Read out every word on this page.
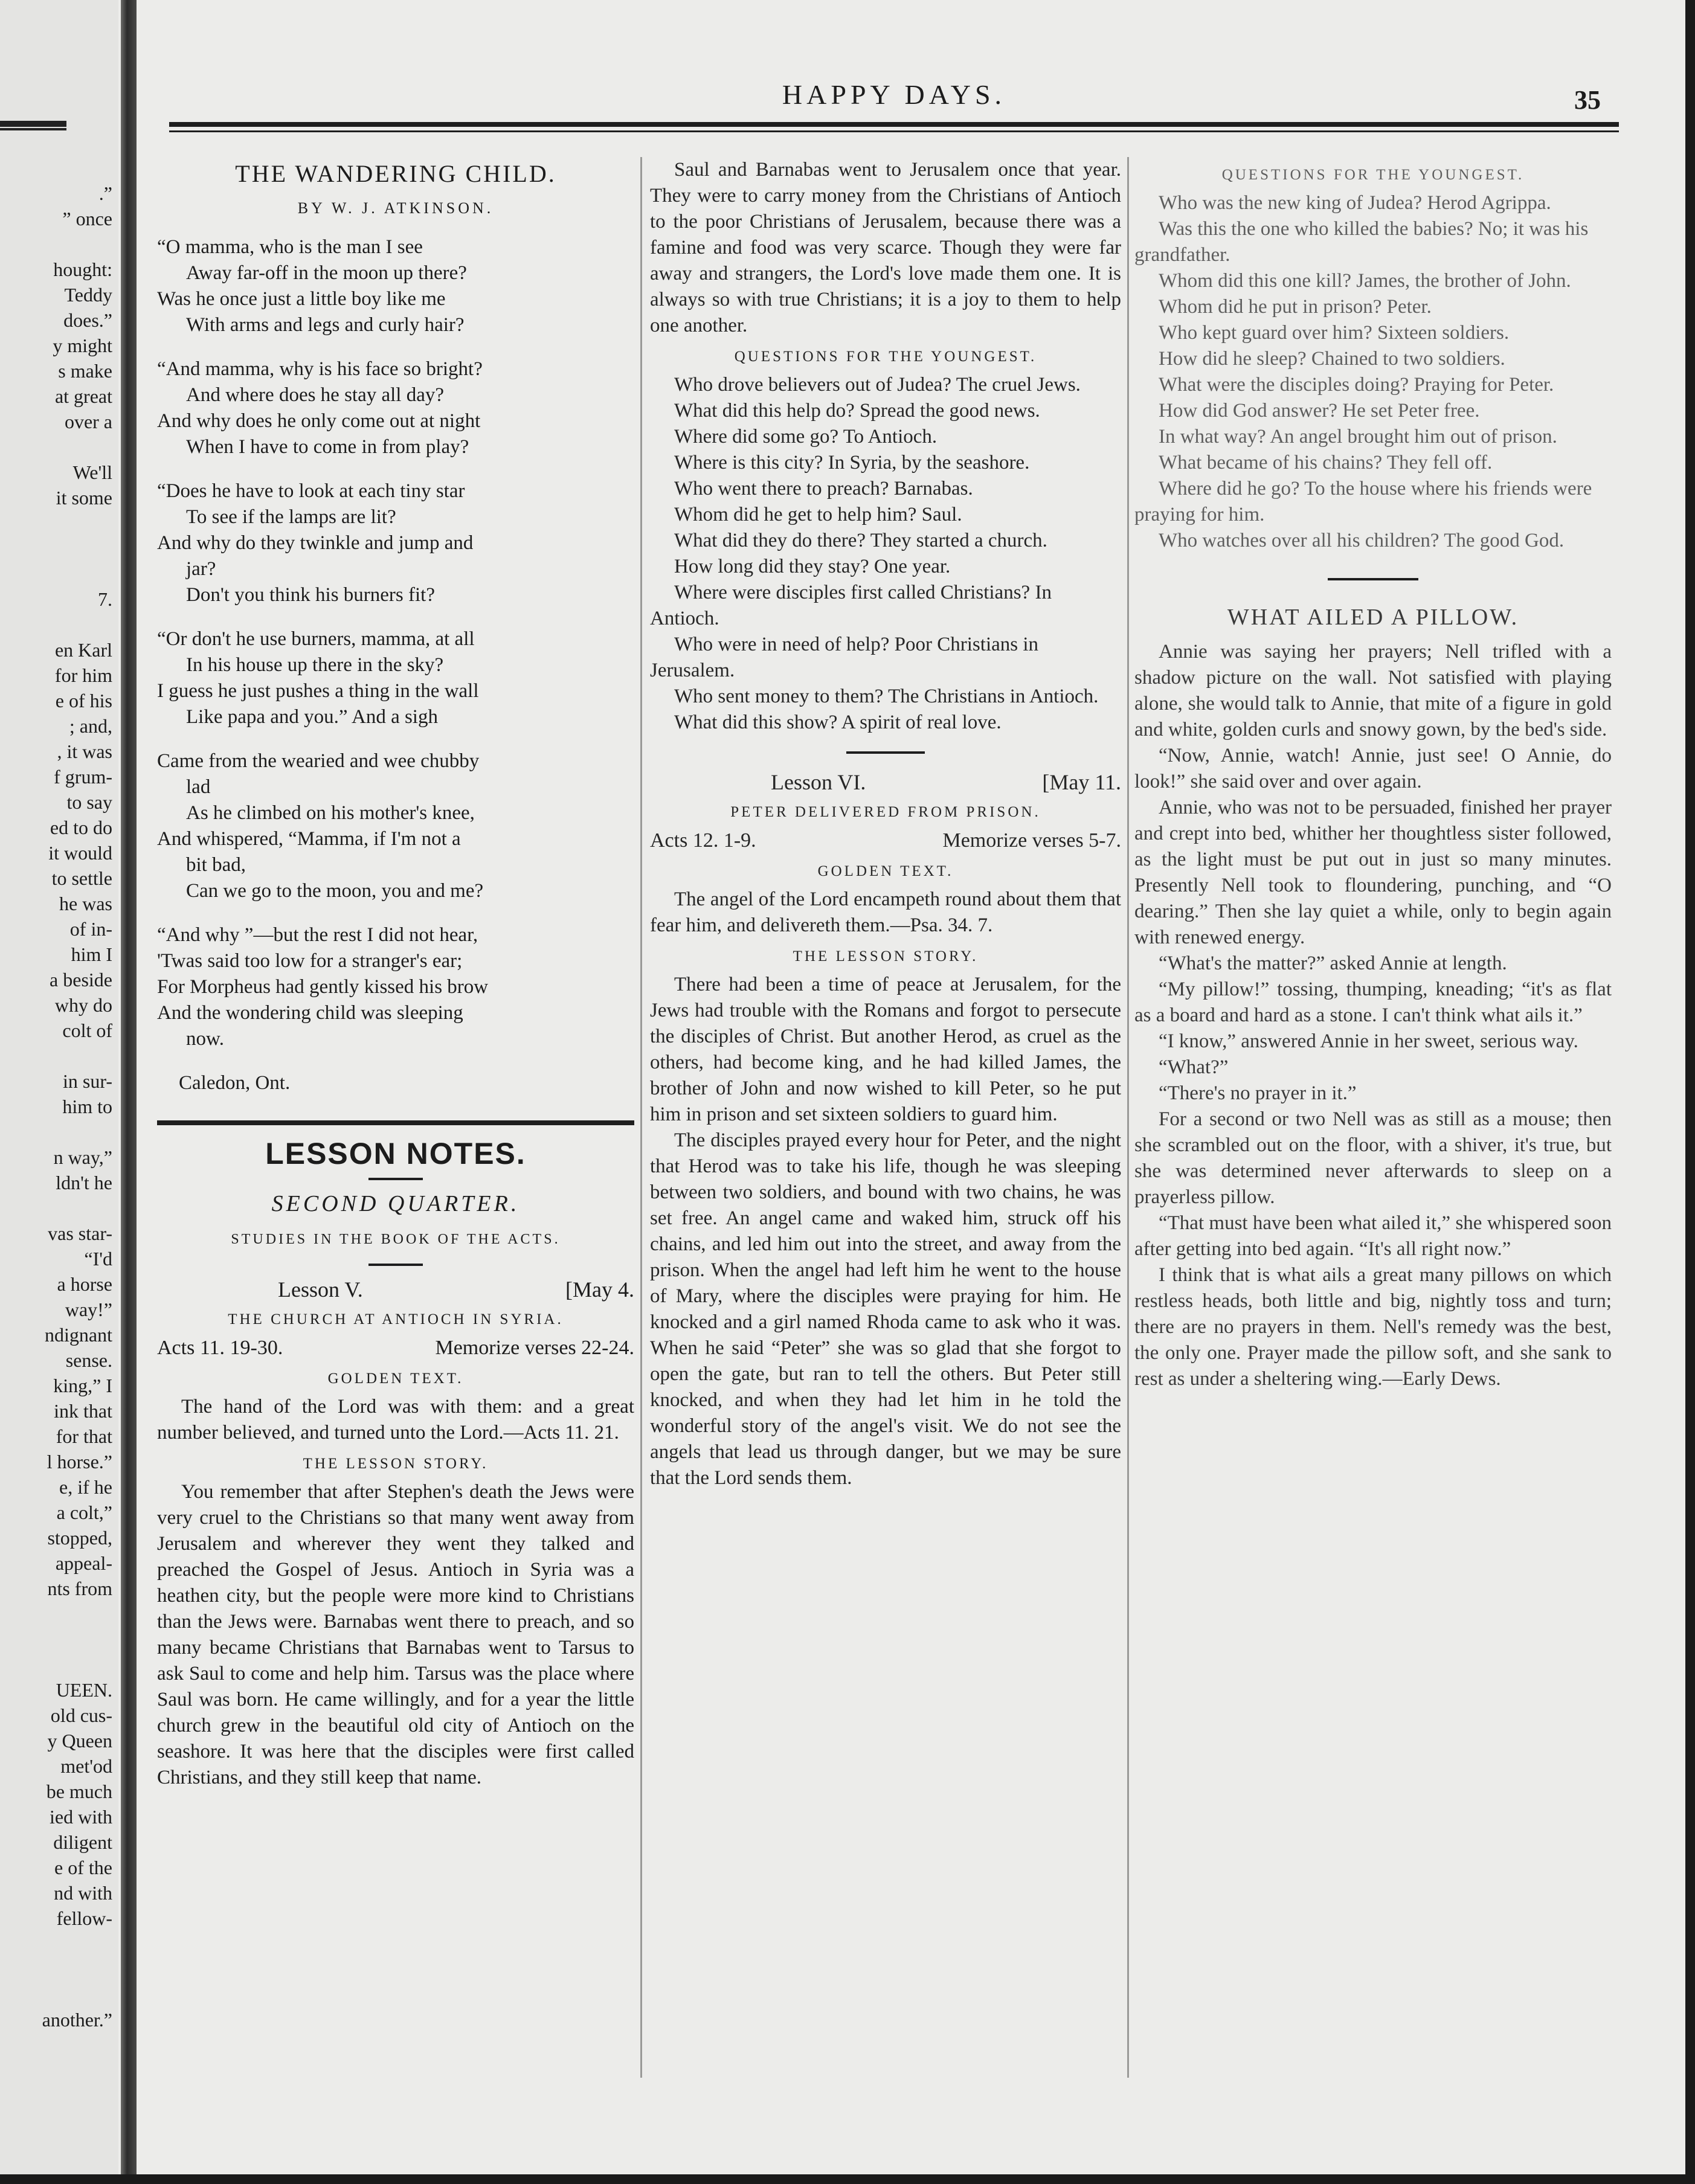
.”
” once
hought:
Teddy
does.”
y might
s make
at great
over a
We'll
it some
7.
en Karl
for him
e of his
; and,
, it was
f grum-
to say
ed to do
it would
to settle
he was
of in-
him I
a beside
why do
colt of
in sur-
him to
n way,”
ldn't he
vas star-
“I'd
a horse
way!”
ndignant
sense.
king,” I
ink that
for that
l horse.”
e, if he
a colt,”
stopped,
appeal-
nts from
UEEN.
old cus-
y Queen
met'od
be much
ied with
diligent
e of the
nd with
fellow-
another.”
HAPPY DAYS.	35

THE WANDERING CHILD.

BY W. J. ATKINSON.

“O mamma, who is the man I see
Away far-off in the moon up there?
Was he once just a little boy like me
With arms and legs and curly hair?
“And mamma, why is his face so bright?
And where does he stay all day?
And why does he only come out at night
When I have to come in from play?
“Does he have to look at each tiny star
To see if the lamps are lit?
And why do they twinkle and jump and
jar?
Don't you think his burners fit?
“Or don't he use burners, mamma, at all
In his house up there in the sky?
I guess he just pushes a thing in the wall
Like papa and you.” And a sigh
Came from the wearied and wee chubby
lad
As he climbed on his mother's knee,
And whispered, “Mamma, if I'm not a
bit bad,
Can we go to the moon, you and me?
“And why ”—but the rest I did not hear,
'Twas said too low for a stranger's ear;
For Morpheus had gently kissed his brow
And the wondering child was sleeping
now.

Caledon, Ont.

LESSON NOTES.

SECOND QUARTER.

STUDIES IN THE BOOK OF THE ACTS.

Lesson V.	[May 4.

THE CHURCH AT ANTIOCH IN SYRIA.

Acts 11. 19-30.	Memorize verses 22-24.

GOLDEN TEXT.

The hand of the Lord was with them: and a great number believed, and turned unto the Lord.—Acts 11. 21.

THE LESSON STORY.

You remember that after Stephen's death the Jews were very cruel to the Christians so that many went away from Jerusalem and wherever they went they talked and preached the Gospel of Jesus. Antioch in Syria was a heathen city, but the people were more kind to Christians than the Jews were. Barnabas went there to preach, and so many became Christians that Barnabas went to Tarsus to ask Saul to come and help him. Tarsus was the place where Saul was born. He came willingly, and for a year the little church grew in the beautiful old city of Antioch on the seashore. It was here that the disciples were first called Christians, and they still keep that name.

Saul and Barnabas went to Jerusalem once that year. They were to carry money from the Christians of Antioch to the poor Christians of Jerusalem, because there was a famine and food was very scarce. Though they were far away and strangers, the Lord's love made them one. It is always so with true Christians; it is a joy to them to help one another.

QUESTIONS FOR THE YOUNGEST.

Who drove believers out of Judea? The cruel Jews.

What did this help do? Spread the good news.

Where did some go? To Antioch.

Where is this city? In Syria, by the seashore.

Who went there to preach? Barnabas.

Whom did he get to help him? Saul.

What did they do there? They started a church.

How long did they stay? One year.

Where were disciples first called Christians? In Antioch.

Who were in need of help? Poor Christians in Jerusalem.

Who sent money to them? The Christians in Antioch.

What did this show? A spirit of real love.

Lesson VI.	[May 11.

PETER DELIVERED FROM PRISON.

Acts 12. 1-9.	Memorize verses 5-7.

GOLDEN TEXT.

The angel of the Lord encampeth round about them that fear him, and delivereth them.—Psa. 34. 7.

THE LESSON STORY.

There had been a time of peace at Jerusalem, for the Jews had trouble with the Romans and forgot to persecute the disciples of Christ. But another Herod, as cruel as the others, had become king, and he had killed James, the brother of John and now wished to kill Peter, so he put him in prison and set sixteen soldiers to guard him.

The disciples prayed every hour for Peter, and the night that Herod was to take his life, though he was sleeping between two soldiers, and bound with two chains, he was set free. An angel came and waked him, struck off his chains, and led him out into the street, and away from the prison. When the angel had left him he went to the house of Mary, where the disciples were praying for him. He knocked and a girl named Rhoda came to ask who it was. When he said “Peter” she was so glad that she forgot to open the gate, but ran to tell the others. But Peter still knocked, and when they had let him in he told the wonderful story of the angel's visit. We do not see the angels that lead us through danger, but we may be sure that the Lord sends them.

QUESTIONS FOR THE YOUNGEST.

Who was the new king of Judea? Herod Agrippa.

Was this the one who killed the babies? No; it was his grandfather.

Whom did this one kill? James, the brother of John.

Whom did he put in prison? Peter.

Who kept guard over him? Sixteen soldiers.

How did he sleep? Chained to two soldiers.

What were the disciples doing? Praying for Peter.

How did God answer? He set Peter free.

In what way? An angel brought him out of prison.

What became of his chains? They fell off.

Where did he go? To the house where his friends were praying for him.

Who watches over all his children? The good God.

WHAT AILED A PILLOW.

Annie was saying her prayers; Nell trifled with a shadow picture on the wall. Not satisfied with playing alone, she would talk to Annie, that mite of a figure in gold and white, golden curls and snowy gown, by the bed's side.

“Now, Annie, watch! Annie, just see! O Annie, do look!” she said over and over again.

Annie, who was not to be persuaded, finished her prayer and crept into bed, whither her thoughtless sister followed, as the light must be put out in just so many minutes. Presently Nell took to floundering, punching, and “O dearing.” Then she lay quiet a while, only to begin again with renewed energy.

“What's the matter?” asked Annie at length.

“My pillow!” tossing, thumping, kneading; “it's as flat as a board and hard as a stone. I can't think what ails it.”

“I know,” answered Annie in her sweet, serious way.

“What?”

“There's no prayer in it.”

For a second or two Nell was as still as a mouse; then she scrambled out on the floor, with a shiver, it's true, but she was determined never afterwards to sleep on a prayerless pillow.

“That must have been what ailed it,” she whispered soon after getting into bed again. “It's all right now.”

I think that is what ails a great many pillows on which restless heads, both little and big, nightly toss and turn; there are no prayers in them. Nell's remedy was the best, the only one. Prayer made the pillow soft, and she sank to rest as under a sheltering wing.—Early Dews.
